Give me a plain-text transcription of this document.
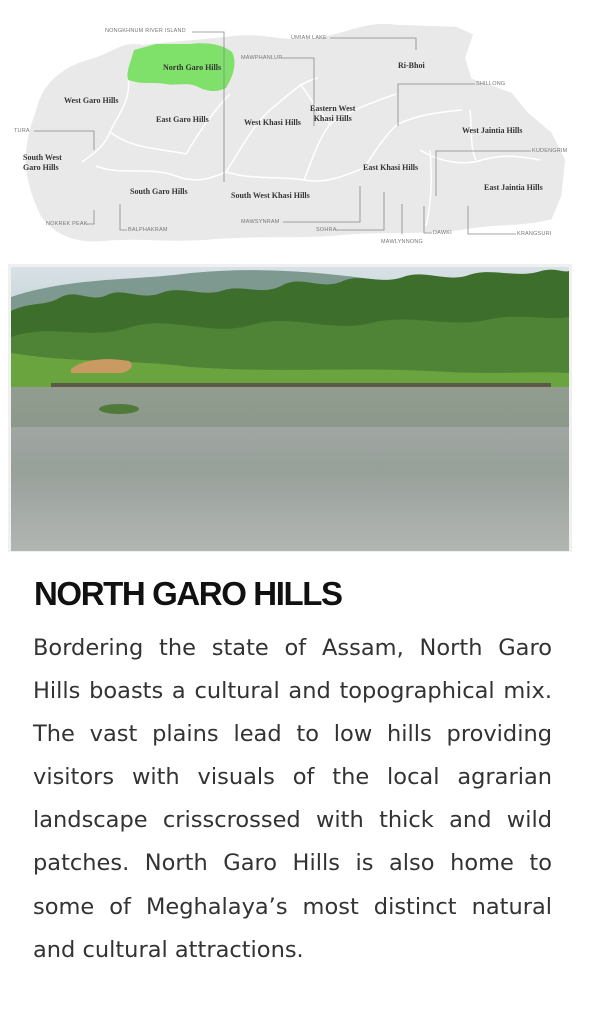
North Garo Hills
West Garo Hills
East Garo Hills
South West
Garo Hills
South Garo Hills
West Khasi Hills
Eastern West
Khasi Hills
South West Khasi Hills
Ri-Bhoi
East Khasi Hills
West Jaintia Hills
East Jaintia Hills
NONGKHNUM RIVER ISLAND
UMIAM LAKE
MAWPHANLUR
SHILLONG
TURA
KUDENGRIM
NOKREK PEAK
BALPHAKRAM
MAWSYNRAM
SOHRA
MAWLYNNONG
DAWKI	KRANGSURI
NORTH GARO HILLS

Bordering the state of Assam, North Garo Hills boasts a cultural and topographical mix. The vast plains lead to low hills providing visitors with visuals of the local agrarian landscape crisscrossed with thick and wild patches. North Garo Hills is also home to some of Meghalaya’s most distinct natural and cultural attractions.
